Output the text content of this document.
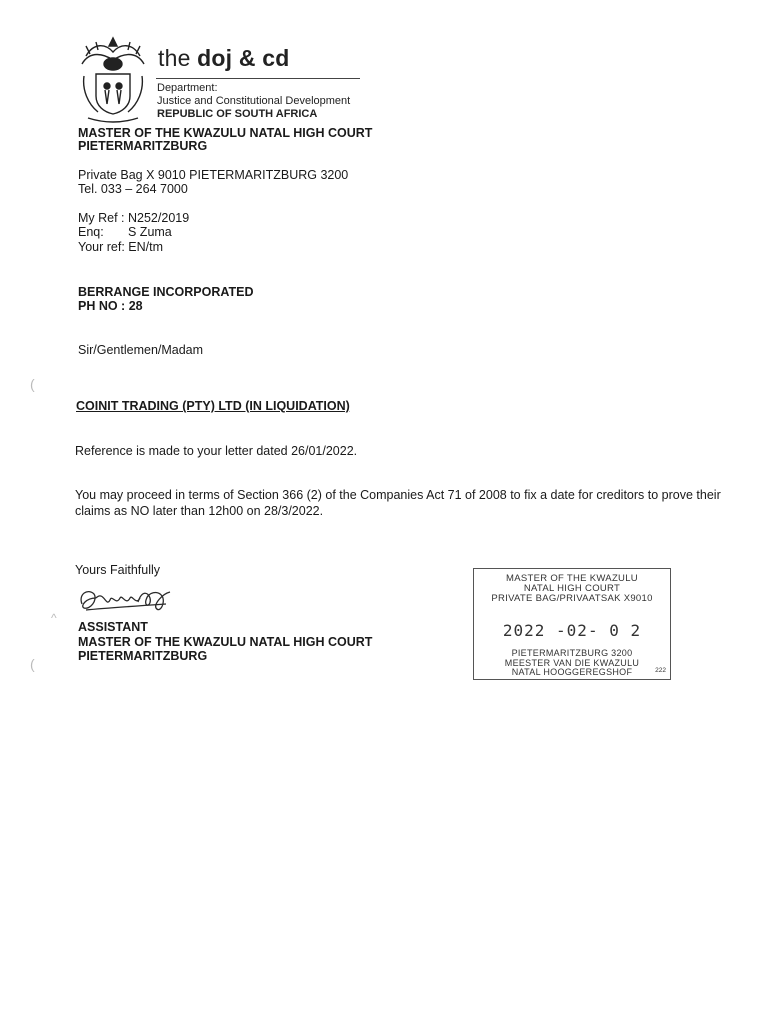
the doj & cd
Department:
Justice and Constitutional Development
REPUBLIC OF SOUTH AFRICA
MASTER OF THE KWAZULU NATAL HIGH COURT
PIETERMARITZBURG
Private Bag X 9010 PIETERMARITZBURG 3200
Tel. 033 – 264 7000
My Ref : N252/2019
Enq: S Zuma
Your ref: EN/tm
BERRANGE INCORPORATED
PH NO : 28
Sir/Gentlemen/Madam
(
COINIT TRADING (PTY) LTD (IN LIQUIDATION)
Reference is made to your letter dated 26/01/2022.
You may proceed in terms of Section 366 (2) of the Companies Act 71 of 2008 to fix a date for creditors to prove their claims as NO later than 12h00 on 28/3/2022.
Yours Faithfully
^
ASSISTANT
MASTER OF THE KWAZULU NATAL HIGH COURT
PIETERMARITZBURG
(
MASTER OF THE KWAZULU
NATAL HIGH COURT
PRIVATE BAG/PRIVAATSAK X9010
2022 -02- 0 2
PIETERMARITZBURG 3200
MEESTER VAN DIE KWAZULU
NATAL HOOGGEREGSHOF	222
